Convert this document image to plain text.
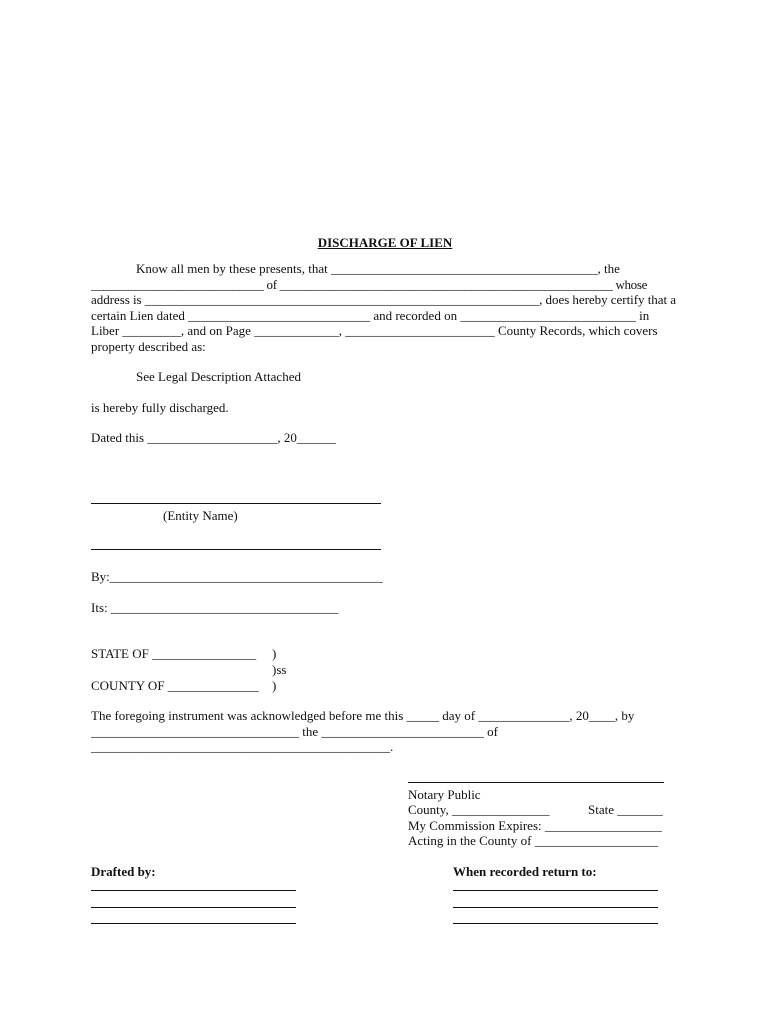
DISCHARGE OF LIEN
Know all men by these presents, that _________________________________________, the
____________________________ of ______________________________________________________ whose
address is _____________________________________________________________, does hereby certify that a
certain Lien dated ____________________________ and recorded on ___________________________ in
Liber _________, and on Page _____________, _______________________ County Records, which covers
property described as:
See Legal Description Attached
is hereby fully discharged.
Dated this ____________________, 20______
(Entity Name)
By:__________________________________________
Its: ___________________________________
STATE OF ________________ )
)ss
COUNTY OF ______________ )
The foregoing instrument was acknowledged before me this _____ day of ______________, 20____, by
________________________________ the _________________________ of
______________________________________________.
Notary Public
County, _______________	State _______
My Commission Expires: __________________
Acting in the County of ___________________
Drafted by:	When recorded return to:
